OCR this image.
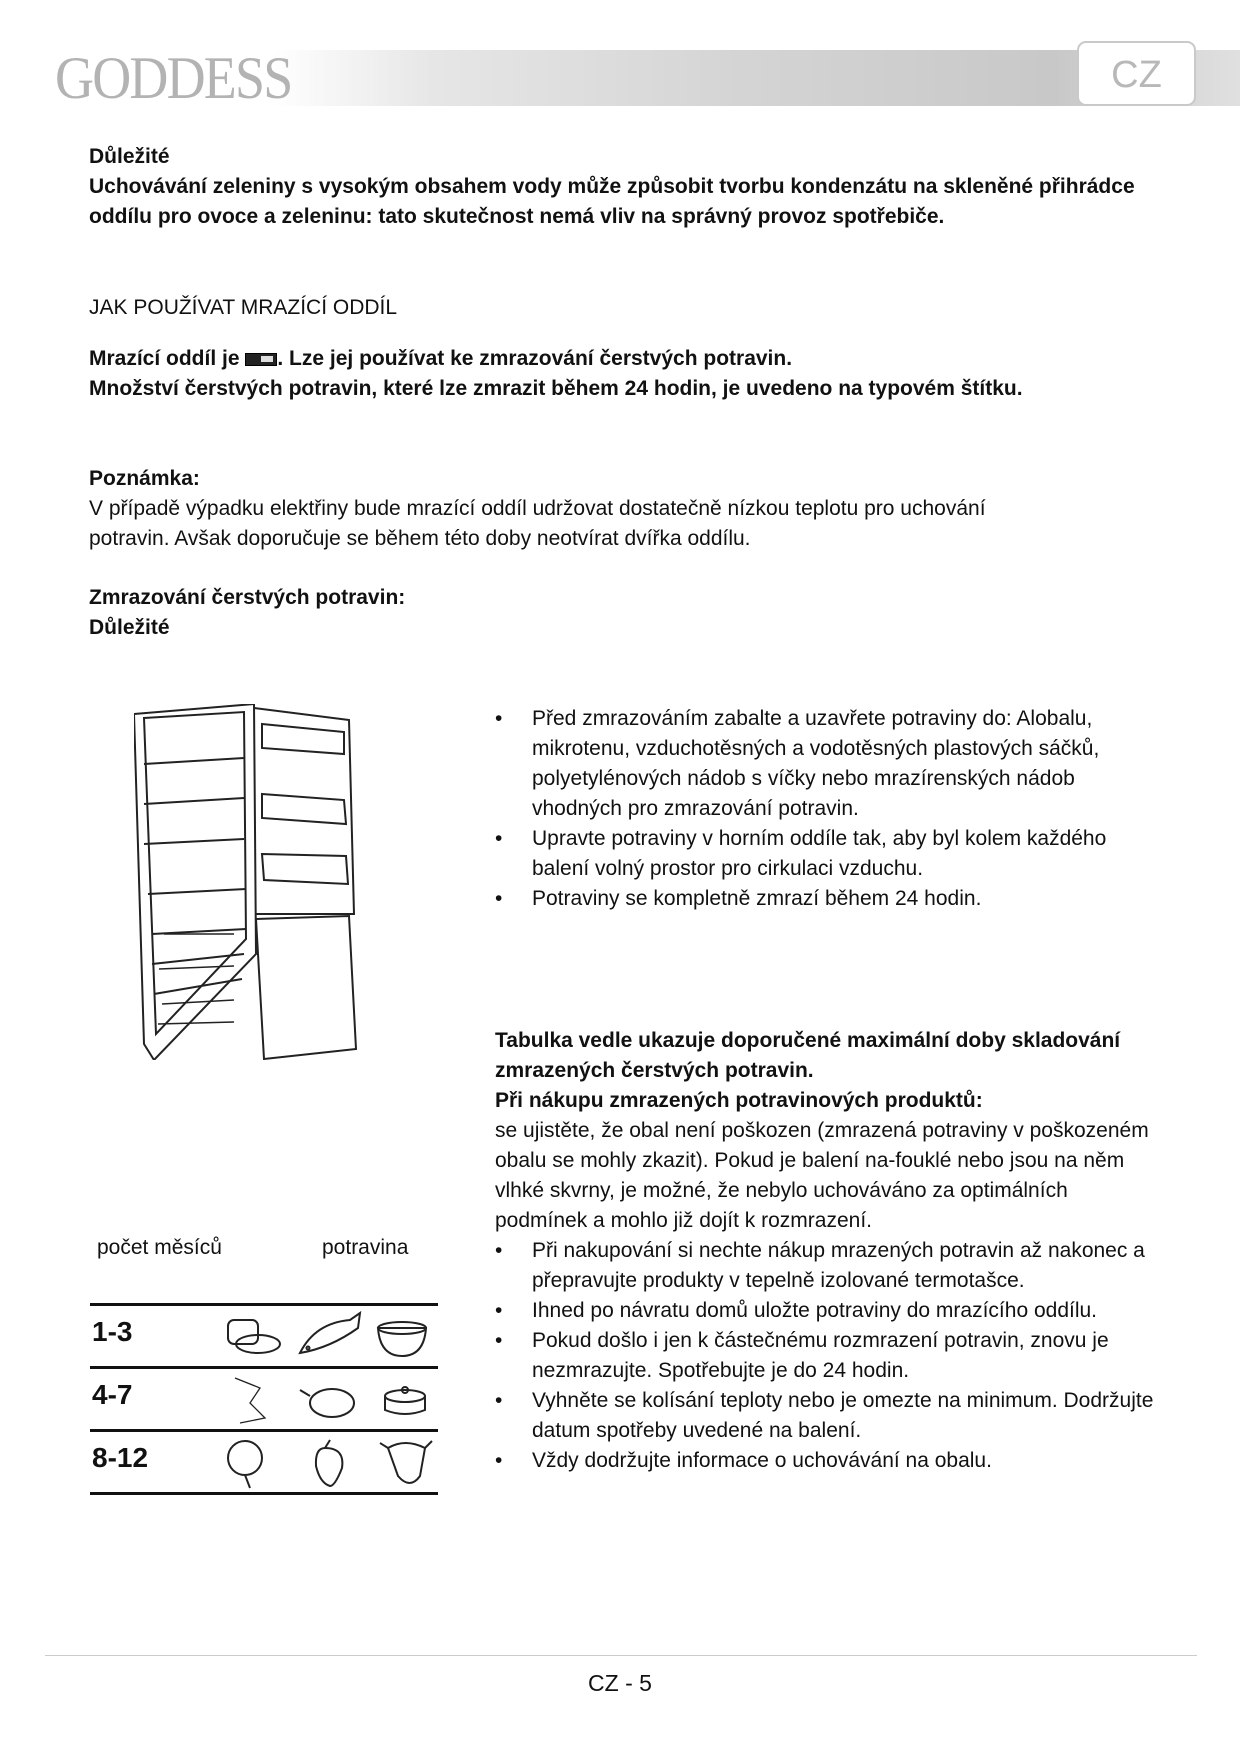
GODDESS	CZ
Důležité
Uchovávání zeleniny s vysokým obsahem vody může způsobit tvorbu kondenzátu na skleněné přihrádce oddílu pro ovoce a zeleninu: tato skutečnost nemá vliv na správný provoz spotřebiče.
JAK POUŽÍVAT MRAZÍCÍ ODDÍL
Mrazící oddíl je . Lze jej používat ke zmrazování čerstvých potravin.
Množství čerstvých potravin, které lze zmrazit během 24 hodin, je uvedeno na typovém štítku.
Poznámka:
V případě výpadku elektřiny bude mrazící oddíl udržovat dostatečně nízkou teplotu pro uchování potravin. Avšak doporučuje se během této doby neotvírat dvířka oddílu.
Zmrazování čerstvých potravin:
Důležité
• Před zmrazováním zabalte a uzavřete potraviny do: Alobalu, mikrotenu, vzduchotěsných a vodotěsných plastových sáčků, polyetylénových nádob s víčky nebo mrazírenských nádob vhodných pro zmrazování potravin.
• Upravte potraviny v horním oddíle tak, aby byl kolem každého balení volný prostor pro cirkulaci vzduchu.
• Potraviny se kompletně zmrazí během 24 hodin.
Tabulka vedle ukazuje doporučené maximální doby skladování zmrazených čerstvých potravin.
Při nákupu zmrazených potravinových produktů:
se ujistěte, že obal není poškozen (zmrazená potraviny v poškozeném obalu se mohly zkazit). Pokud je balení na-fouklé nebo jsou na něm vlhké skvrny, je možné, že nebylo uchováváno za optimálních podmínek a mohlo již dojít k rozmrazení.
• Při nakupování si nechte nákup mrazených potravin až nakonec a přepravujte produkty v tepelně izolované termotašce.
• Ihned po návratu domů uložte potraviny do mrazícího oddílu.
• Pokud došlo i jen k částečnému rozmrazení potravin, znovu je nezmrazujte. Spotřebujte je do 24 hodin.
• Vyhněte se kolísání teploty nebo je omezte na minimum. Dodržujte datum spotřeby uvedené na balení.
• Vždy dodržujte informace o uchovávání na obalu.
počet měsíců	potravina
1-3
4-7
8-12
CZ - 5
